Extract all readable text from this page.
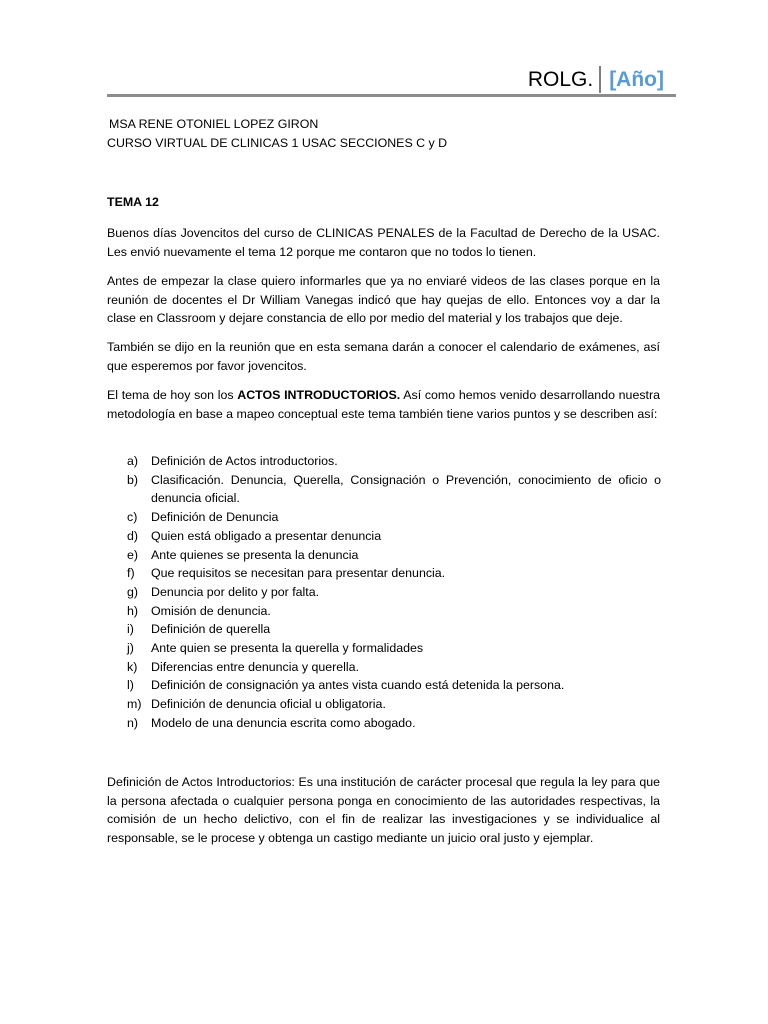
ROLG. [Año]
MSA RENE OTONIEL LOPEZ GIRON
CURSO VIRTUAL DE CLINICAS 1 USAC SECCIONES C y D
TEMA 12
Buenos días Jovencitos del curso de CLINICAS PENALES de la Facultad de Derecho de la USAC. Les envió nuevamente el tema 12 porque me contaron que no todos lo tienen.
Antes de empezar la clase quiero informarles que ya no enviaré videos de las clases porque en la reunión de docentes el Dr William Vanegas indicó que hay quejas de ello. Entonces voy a dar la clase en Classroom y dejare constancia de ello por medio del material y los trabajos que deje.
También se dijo en la reunión que en esta semana darán a conocer el calendario de exámenes, así que esperemos por favor jovencitos.
El tema de hoy son los ACTOS INTRODUCTORIOS. Así como hemos venido desarrollando nuestra metodología en base a mapeo conceptual este tema también tiene varios puntos y se describen así:
a)	Definición de Actos introductorios.
b)	Clasificación. Denuncia, Querella, Consignación o Prevención, conocimiento de oficio o denuncia oficial.
c)	Definición de Denuncia
d)	Quien está obligado a presentar denuncia
e)	Ante quienes se presenta la denuncia
f)	Que requisitos se necesitan para presentar denuncia.
g)	Denuncia por delito y por falta.
h)	Omisión de denuncia.
i)	Definición de querella
j)	Ante quien se presenta la querella y formalidades
k)	Diferencias entre denuncia y querella.
l)	Definición de consignación ya antes vista cuando está detenida la persona.
m) Definición de denuncia oficial u obligatoria.
n)	Modelo de una denuncia escrita como abogado.
Definición de Actos Introductorios: Es una institución de carácter procesal que regula la ley para que la persona afectada o cualquier persona ponga en conocimiento de las autoridades respectivas, la comisión de un hecho delictivo, con el fin de realizar las investigaciones y se individualice al responsable, se le procese y obtenga un castigo mediante un juicio oral justo y ejemplar.
